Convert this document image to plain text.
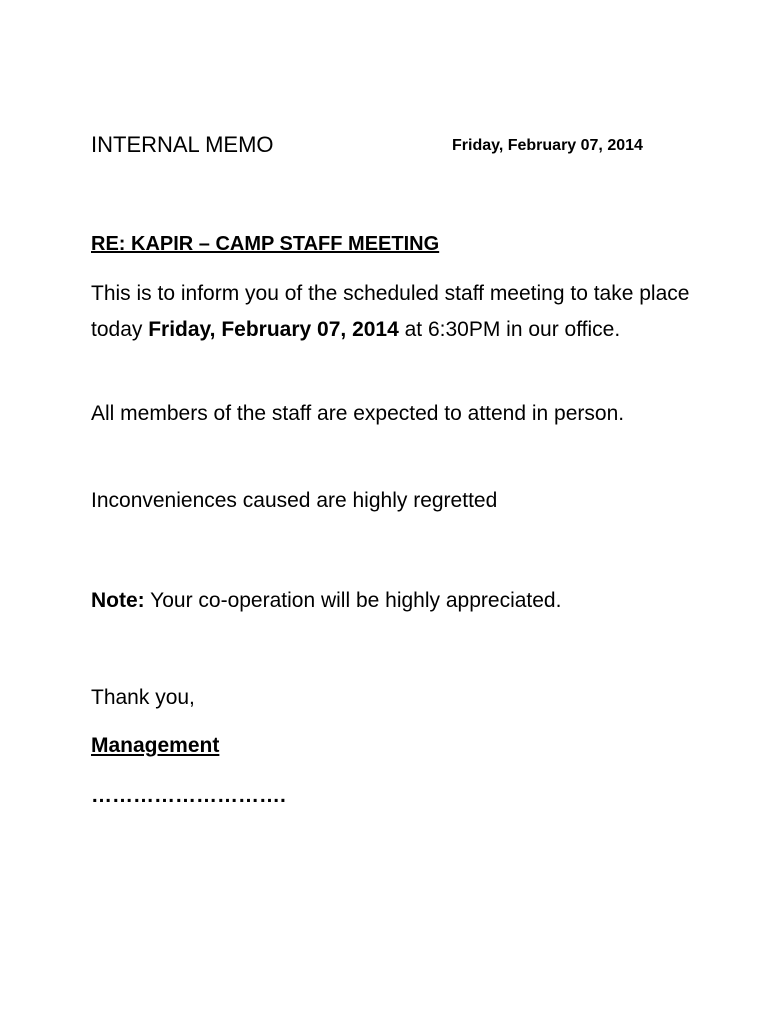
INTERNAL MEMO	Friday, February 07, 2014
RE: KAPIR – CAMP STAFF MEETING
This is to inform you of the scheduled staff meeting to take place today Friday, February 07, 2014 at 6:30PM in our office.
All members of the staff are expected to attend in person.
Inconveniences caused are highly regretted
Note: Your co-operation will be highly appreciated.
Thank you,
Management
……………………….
